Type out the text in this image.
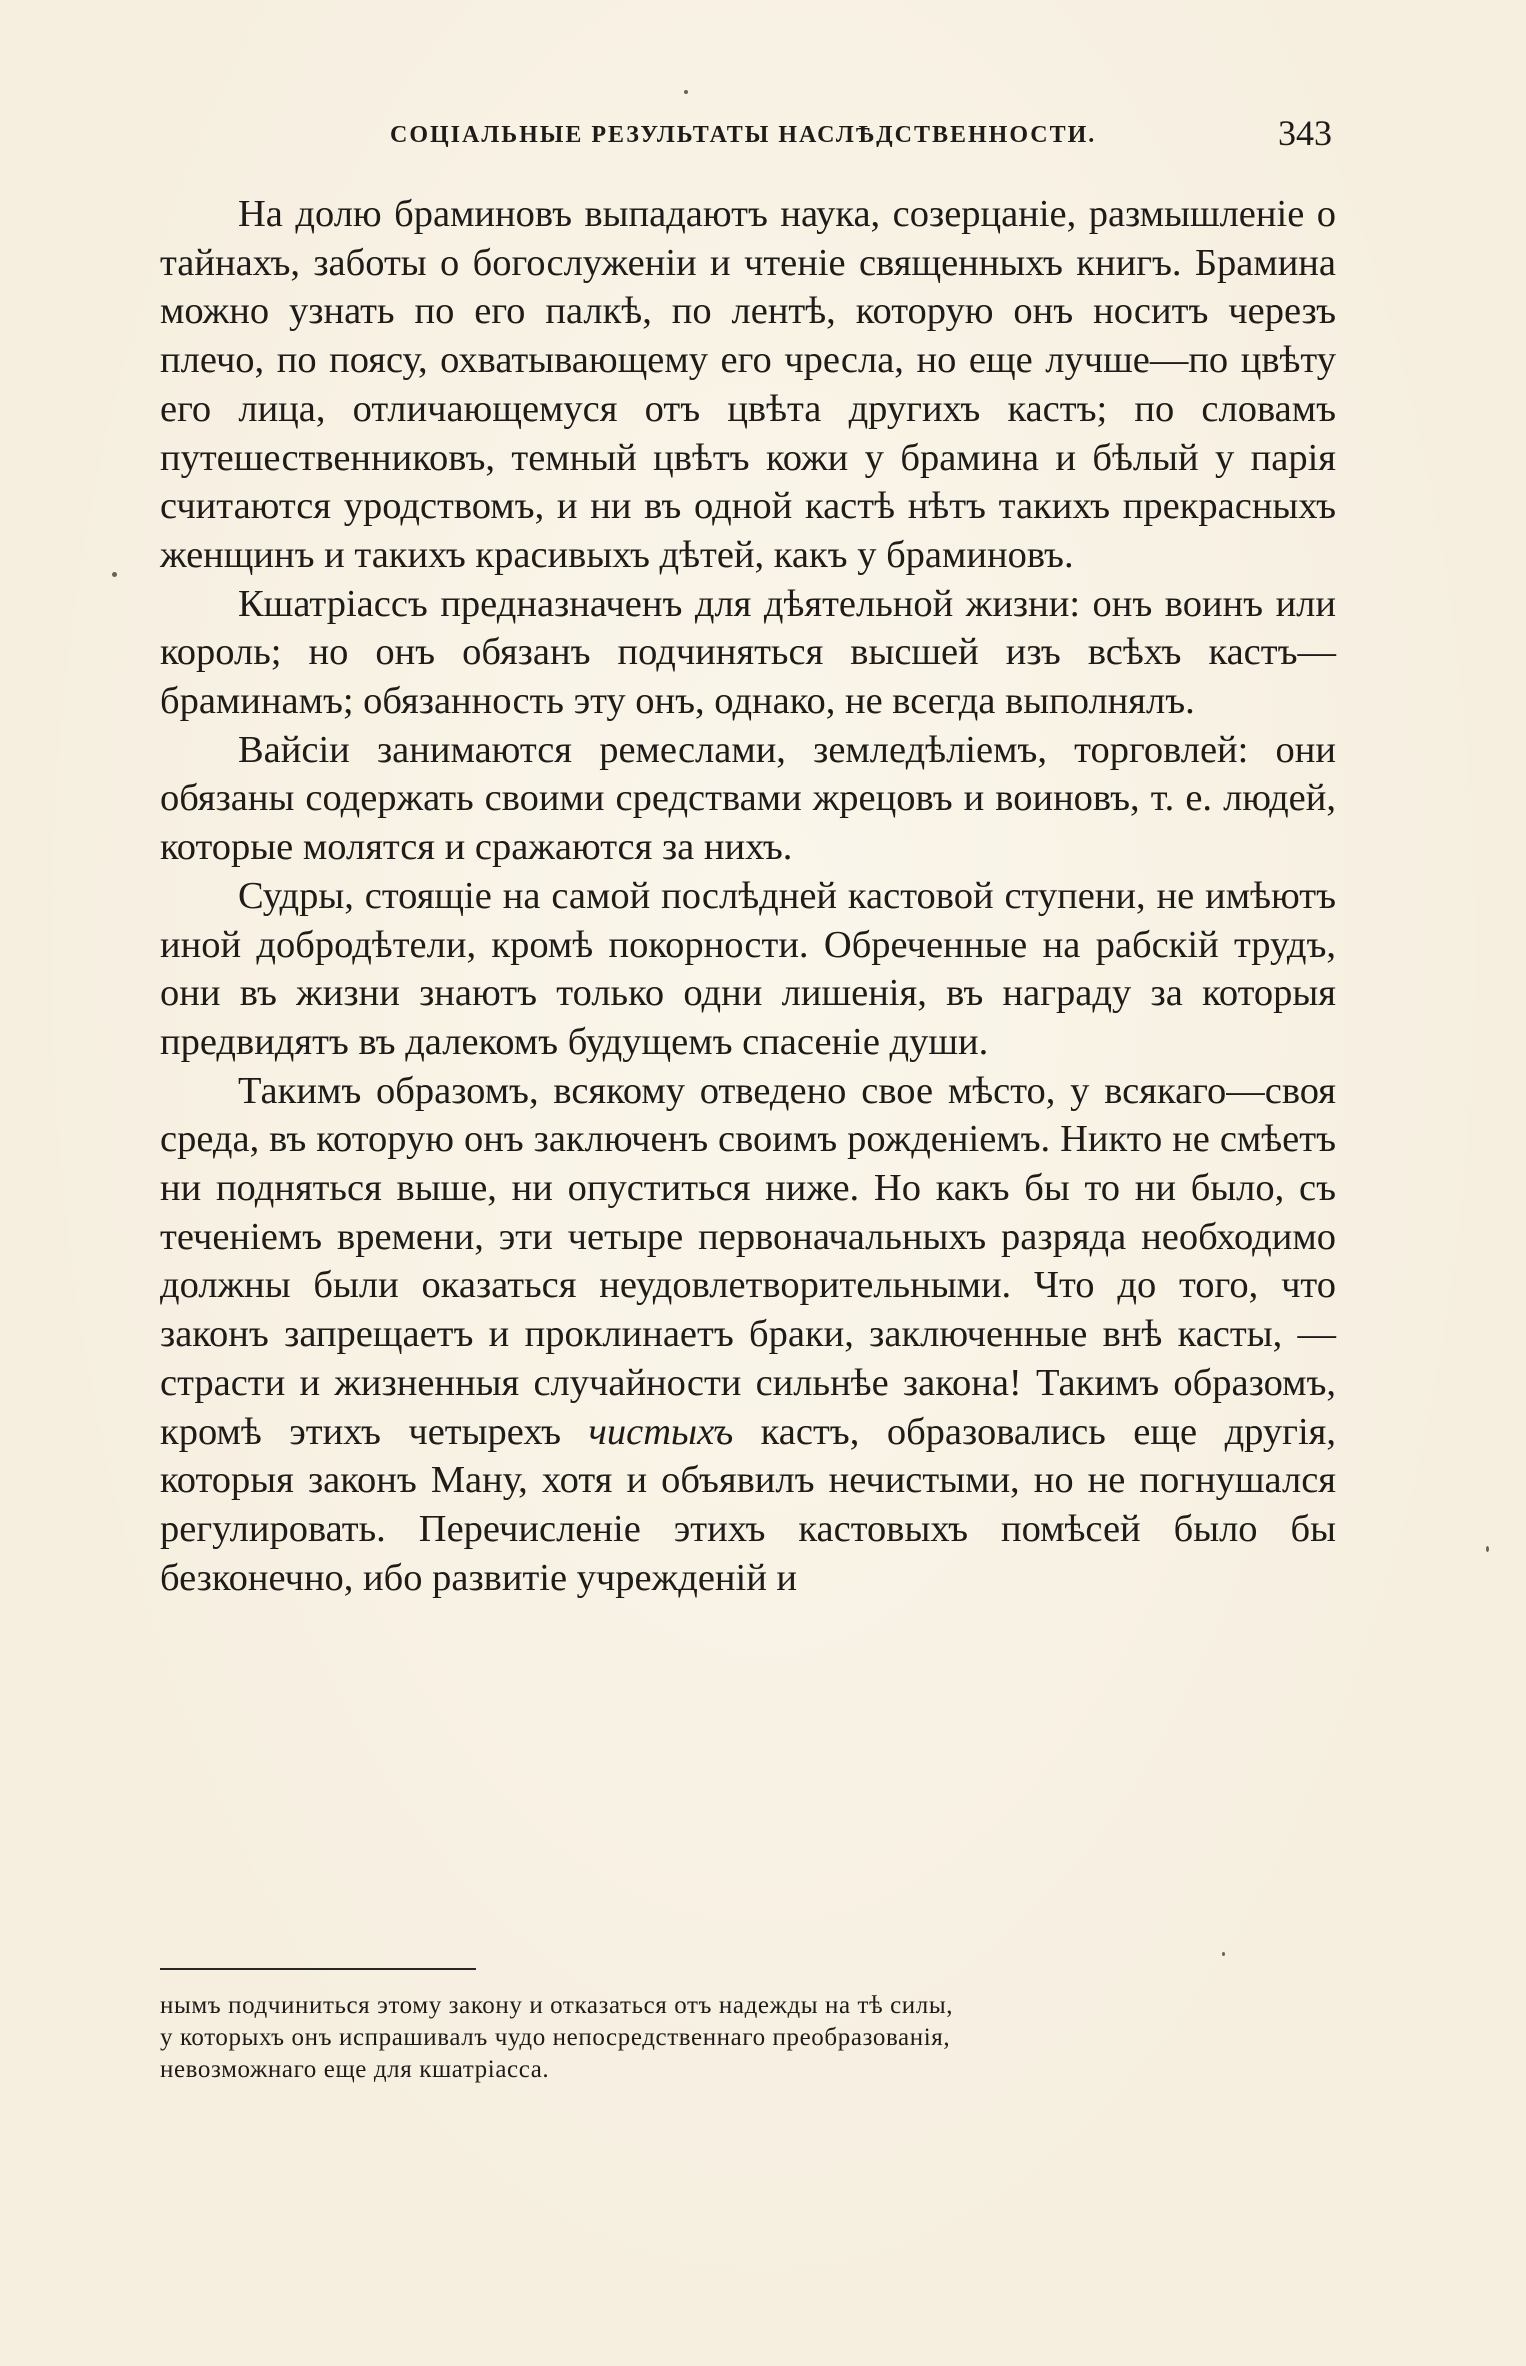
СОЦІАЛЬНЫЕ РЕЗУЛЬТАТЫ НАСЛѢДСТВЕННОСТИ.	343

На долю браминовъ выпадаютъ наука, созерцаніе, размышленіе о тайнахъ, заботы о богослуженіи и чтеніе священныхъ книгъ. Брамина можно узнать по его палкѣ, по лентѣ, которую онъ носитъ черезъ плечо, по поясу, охватывающему его чресла, но еще лучше—по цвѣту его лица, отличающемуся отъ цвѣта другихъ кастъ; по словамъ путешественниковъ, темный цвѣтъ кожи у брамина и бѣлый у парія считаются уродствомъ, и ни въ одной кастѣ нѣтъ такихъ прекрасныхъ женщинъ и такихъ красивыхъ дѣтей, какъ у браминовъ.

Кшатріассъ предназначенъ для дѣятельной жизни: онъ воинъ или король; но онъ обязанъ подчиняться высшей изъ всѣхъ кастъ—браминамъ; обязанность эту онъ, однако, не всегда выполнялъ.

Вайсіи занимаются ремеслами, земледѣліемъ, торговлей: они обязаны содержать своими средствами жрецовъ и воиновъ, т. е. людей, которые молятся и сражаются за нихъ.

Судры, стоящіе на самой послѣдней кастовой ступени, не имѣютъ иной добродѣтели, кромѣ покорности. Обреченные на рабскій трудъ, они въ жизни знаютъ только одни лишенія, въ награду за которыя предвидятъ въ далекомъ будущемъ спасеніе души.

Такимъ образомъ, всякому отведено свое мѣсто, у всякаго—своя среда, въ которую онъ заключенъ своимъ рожденіемъ. Никто не смѣетъ ни подняться выше, ни опуститься ниже. Но какъ бы то ни было, съ теченіемъ времени, эти четыре первоначальныхъ разряда необходимо должны были оказаться неудовлетворительными. Что до того, что законъ запрещаетъ и проклинаетъ браки, заключенные внѣ касты, — страсти и жизненныя случайности сильнѣе закона! Такимъ образомъ, кромѣ этихъ четырехъ чистыхъ кастъ, образовались еще другія, которыя законъ Ману, хотя и объявилъ нечистыми, но не погнушался регулировать. Перечисленіе этихъ кастовыхъ помѣсей было бы безконечно, ибо развитіе учрежденій и

нымъ подчиниться этому закону и отказаться отъ надежды на тѣ силы,

у которыхъ онъ испрашивалъ чудо непосредственнаго преобразованія,

невозможнаго еще для кшатріасса.
